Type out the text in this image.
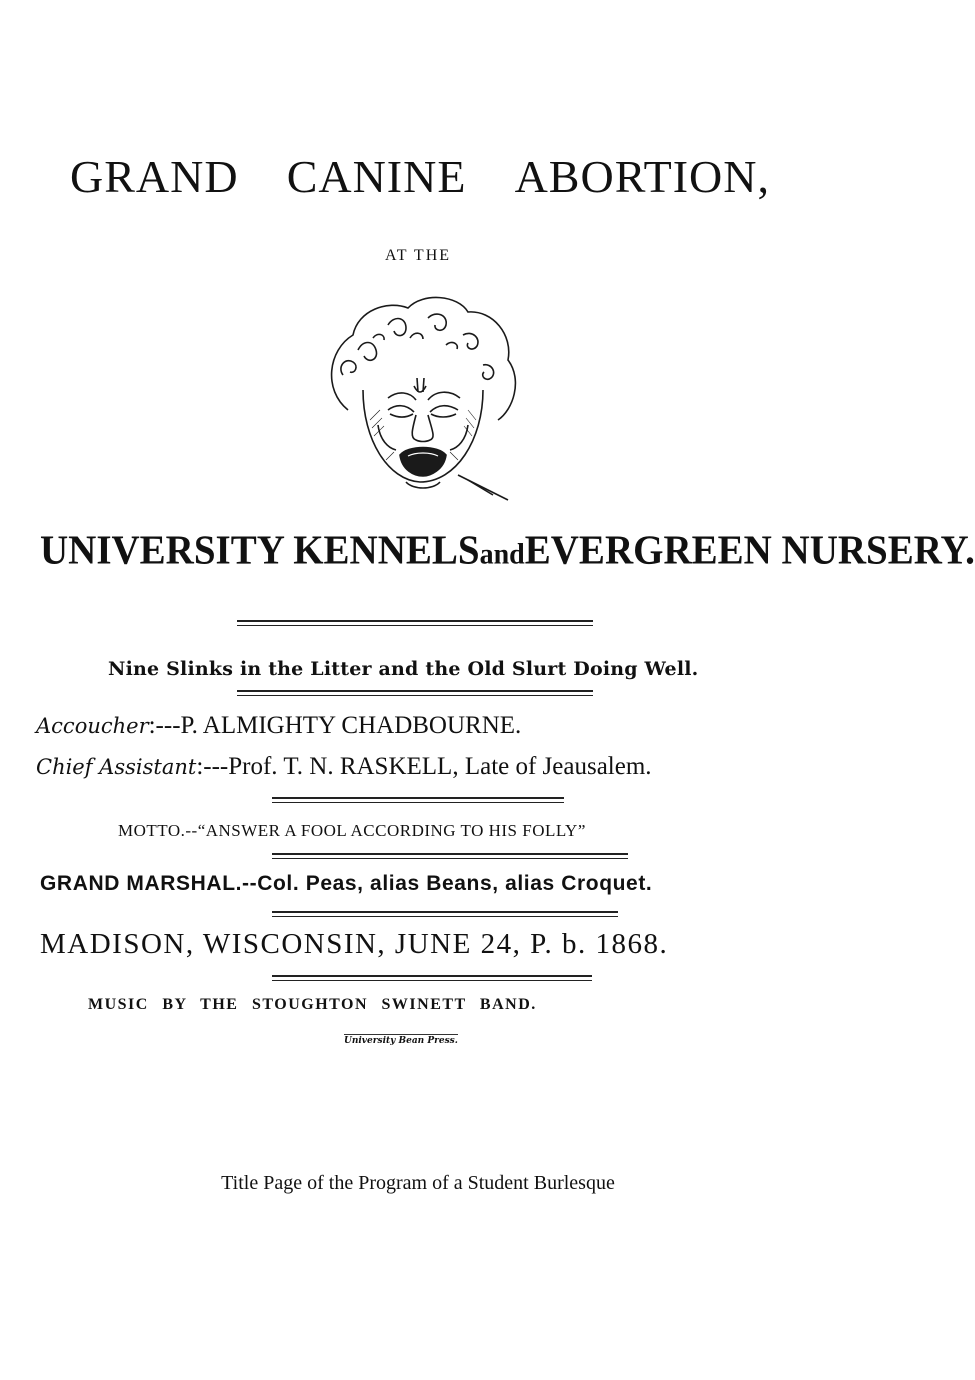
GRAND CANINE ABORTION,
AT THE
UNIVERSITY KENNELS and EVERGREEN NURSERY.
Nine Slinks in the Litter and the Old Slurt Doing Well.
Accoucher:---P. ALMIGHTY CHADBOURNE.
Chief Assistant:---Prof. T. N. RASKELL, Late of Jeausalem.
MOTTO.--“ANSWER A FOOL ACCORDING TO HIS FOLLY”
GRAND MARSHAL.--Col. Peas, alias Beans, alias Croquet.
MADISON, WISCONSIN, JUNE 24, P. b. 1868.
MUSIC BY THE STOUGHTON SWINETT BAND.
University Bean Press.
Title Page of the Program of a Student Burlesque
